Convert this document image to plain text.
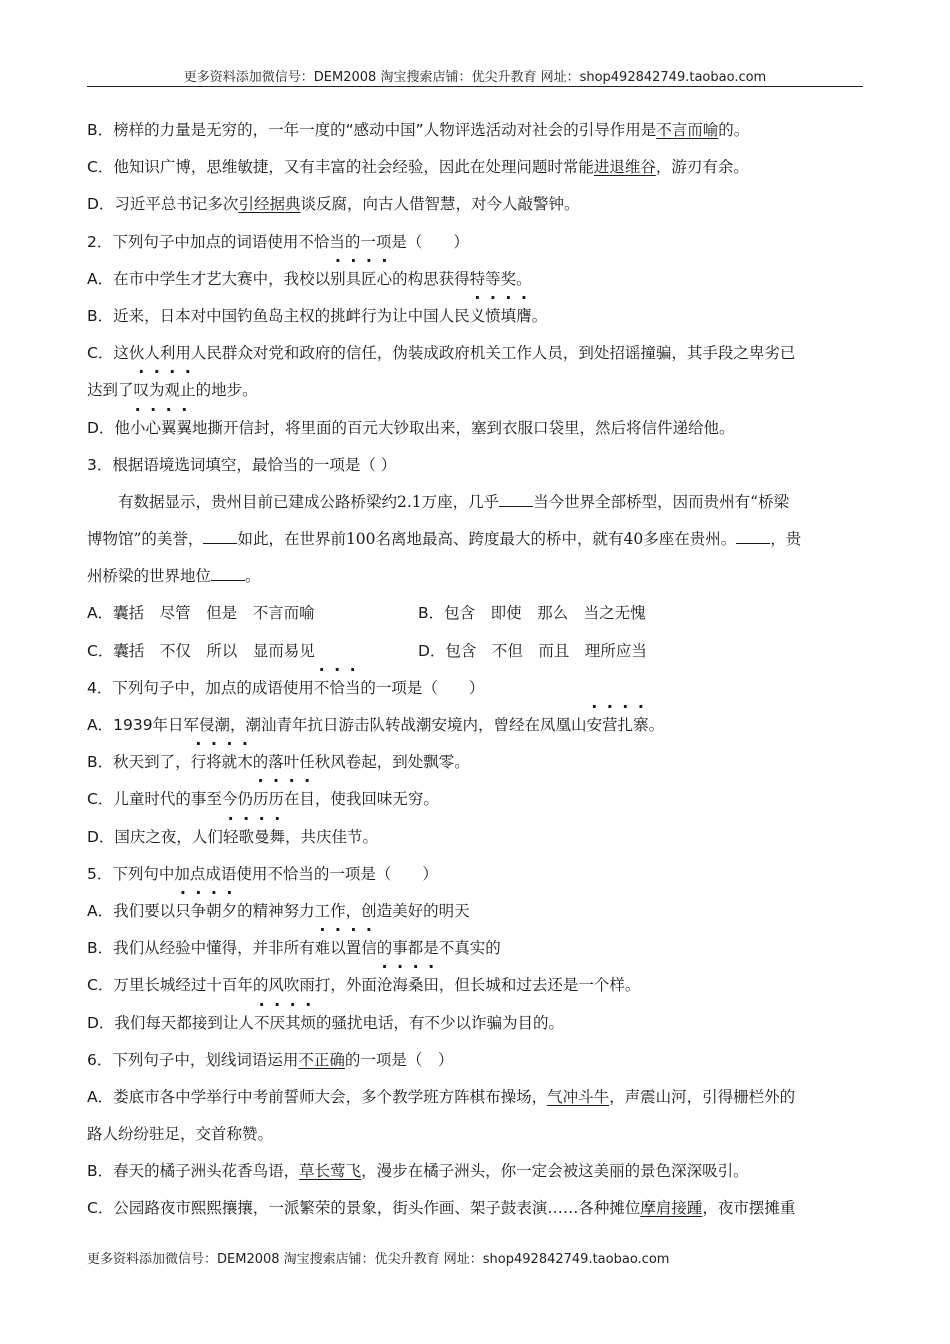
更多资料添加微信号：DEM2008 淘宝搜索店铺：优尖升教育 网址：shop492842749.taobao.com
B．榜样的力量是无穷的，一年一度的“感动中国”人物评选活动对社会的引导作用是不言而喻的。
C．他知识广博，思维敏捷，又有丰富的社会经验，因此在处理问题时常能进退维谷，游刃有余。
D．习近平总书记多次引经据典谈反腐，向古人借智慧，对今人敲警钟。
2．下列句子中加点的词语使用不恰当的一项是（　　）
A．在市中学生才艺大赛中，我校以别具匠心的构思获得特等奖。
B．近来，日本对中国钓鱼岛主权的挑衅行为让中国人民义愤填膺。
C．这伙人利用人民群众对党和政府的信任，伪装成政府机关工作人员，到处招谣撞骗，其手段之卑劣已
达到了叹为观止的地步。
D．他小心翼翼地撕开信封，将里面的百元大钞取出来，塞到衣服口袋里，然后将信件递给他。
3．根据语境选词填空，最恰当的一项是（ ）
有数据显示，贵州目前已建成公路桥梁约2.1万座，几乎 当今世界全部桥型，因而贵州有“桥梁
博物馆”的美誉， 如此，在世界前100名离地最高、跨度最大的桥中，就有40多座在贵州。 ，贵
州桥梁的世界地位 。
A．囊括　尽管　但是　不言而喻	B．包含　即使　那么　当之无愧
C．囊括　不仅　所以　显而易见	D．包含　不但　而且　理所应当
4．下列句子中，加点的成语使用不恰当的一项是（　　）
A．1939年日军侵潮，潮汕青年抗日游击队转战潮安境内，曾经在凤凰山安营扎寨。
B．秋天到了，行将就木的落叶任秋风卷起，到处飘零。
C．儿童时代的事至今仍历历在目，使我回味无穷。
D．国庆之夜，人们轻歌曼舞，共庆佳节。
5．下列句中加点成语使用不恰当的一项是（　　）
A．我们要以只争朝夕的精神努力工作，创造美好的明天
B．我们从经验中懂得，并非所有难以置信的事都是不真实的
C．万里长城经过十百年的风吹雨打，外面沧海桑田，但长城和过去还是一个样。
D．我们每天都接到让人不厌其烦的骚扰电话，有不少以诈骗为目的。
6．下列句子中，划线词语运用不正确的一项是（　）
A．娄底市各中学举行中考前誓师大会，多个教学班方阵棋布操场，气冲斗牛，声震山河，引得栅栏外的
路人纷纷驻足，交首称赞。
B．春天的橘子洲头花香鸟语，草长莺飞，漫步在橘子洲头，你一定会被这美丽的景色深深吸引。
C．公园路夜市熙熙攘攘，一派繁荣的景象，街头作画、架子鼓表演……各种摊位摩肩接踵，夜市摆摊重
更多资料添加微信号：DEM2008 淘宝搜索店铺：优尖升教育 网址：shop492842749.taobao.com
